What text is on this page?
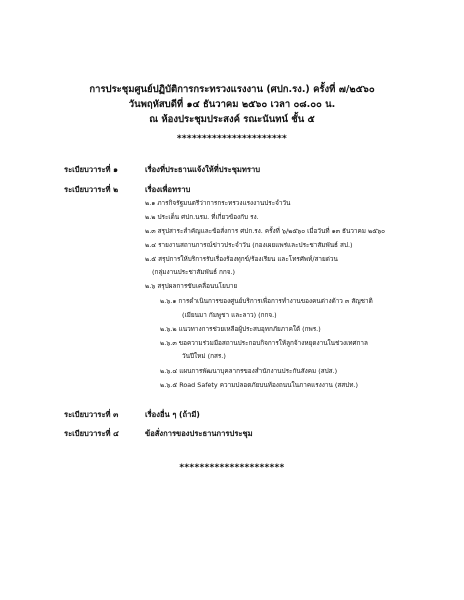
การประชุมศูนย์ปฏิบัติการกระทรวงแรงงาน (ศปก.รง.) ครั้งที่ ๗/๒๕๖๐
วันพฤหัสบดีที่ ๑๔ ธันวาคม ๒๕๖๐ เวลา ๐๘.๐๐ น.
ณ ห้องประชุมประสงค์ รณะนันทน์ ชั้น ๕
**********************
ระเบียบวาระที่ ๑	เรื่องที่ประธานแจ้งให้ที่ประชุมทราบ
ระเบียบวาระที่ ๒	เรื่องเพื่อทราบ
๒.๑ ภารกิจรัฐมนตรีว่าการกระทรวงแรงงานประจำวัน
๒.๒ ประเด็น ศปก.นรม. ที่เกี่ยวข้องกับ รง.
๒.๓ สรุปสาระสำคัญและข้อสั่งการ ศปก.รง. ครั้งที่ ๖/๒๕๖๐ เมื่อวันที่ ๑๓ ธันวาคม ๒๕๖๐
๒.๔ รายงานสถานการณ์ข่าวประจำวัน (กองเผยแพร่และประชาสัมพันธ์ สป.)
๒.๕ สรุปการให้บริการรับเรื่องร้องทุกข์/ร้องเรียน และโทรศัพท์/สายด่วน
(กลุ่มงานประชาสัมพันธ์ กกจ.)
๒.๖ สรุปผลการขับเคลื่อนนโยบาย
๒.๖.๑ การดำเนินการของศูนย์บริการเพื่อการทำงานของคนต่างด้าว ๓ สัญชาติ
(เมียนมา กัมพูชา และลาว) (กกจ.)
๒.๖.๒ แนวทางการช่วยเหลือผู้ประสบอุทกภัยภาคใต้ (กพร.)
๒.๖.๓ ขอความร่วมมือสถานประกอบกิจการให้ลูกจ้างหยุดงานในช่วงเทศกาล
วันปีใหม่ (กสร.)
๒.๖.๔ แผนการพัฒนาบุคลากรของสำนักงานประกันสังคม (สปส.)
๒.๖.๕ Road Safety ความปลอดภัยบนท้องถนนในภาคแรงงาน (สสปท.)
ระเบียบวาระที่ ๓	เรื่องอื่น ๆ (ถ้ามี)
ระเบียบวาระที่ ๔	ข้อสั่งการของประธานการประชุม
*********************
